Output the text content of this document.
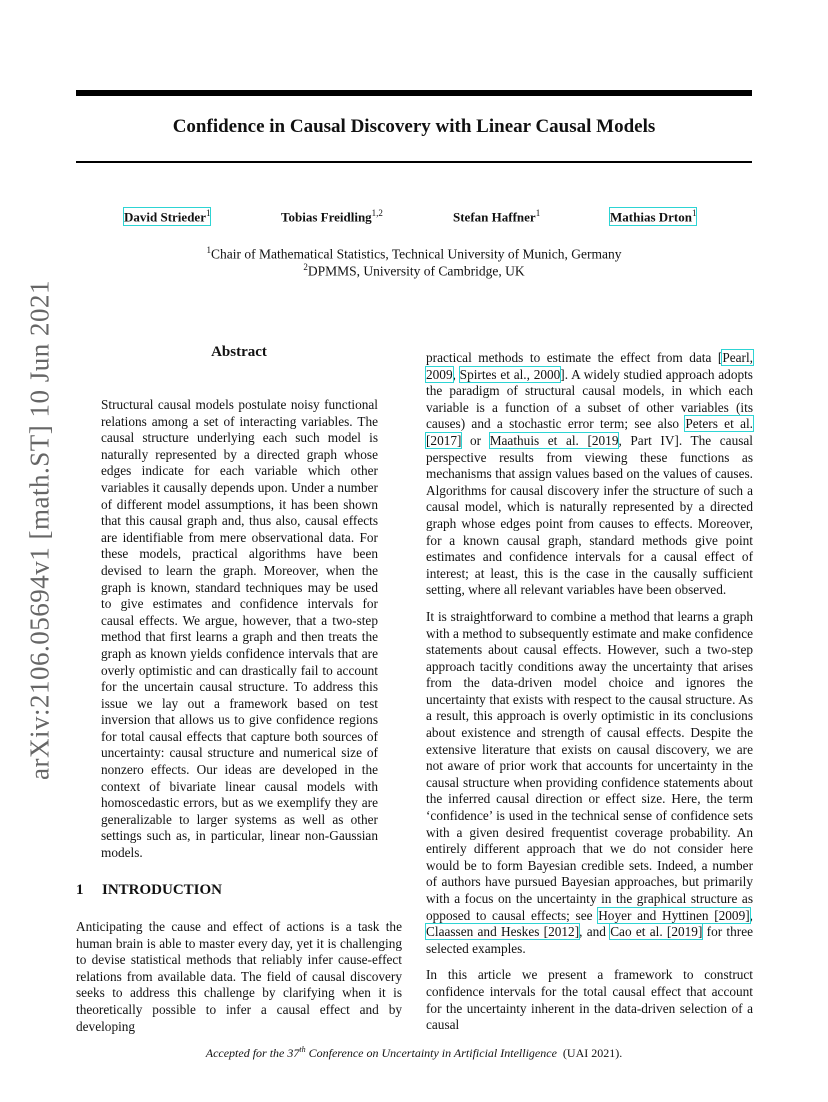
arXiv:2106.05694v1 [math.ST] 10 Jun 2021
Confidence in Causal Discovery with Linear Causal Models
David Strieder$^1$	Tobias Freidling$^{1,2}$	Stefan Haffner$^1$	Mathias Drton$^1$
$^1$Chair of Mathematical Statistics, Technical University of Munich, Germany
$^2$DPMMS, University of Cambridge, UK
Abstract

Structural causal models postulate noisy functional relations among a set of interacting variables. The causal structure underlying each such model is naturally represented by a directed graph whose edges indicate for each variable which other variables it causally depends upon. Under a number of different model assumptions, it has been shown that this causal graph and, thus also, causal effects are identifiable from mere observational data. For these models, practical algorithms have been devised to learn the graph. Moreover, when the graph is known, standard techniques may be used to give estimates and confidence intervals for causal effects. We argue, however, that a two-step method that first learns a graph and then treats the graph as known yields confidence intervals that are overly optimistic and can drastically fail to account for the uncertain causal structure. To address this issue we lay out a framework based on test inversion that allows us to give confidence regions for total causal effects that capture both sources of uncertainty: causal structure and numerical size of nonzero effects. Our ideas are developed in the context of bivariate linear causal models with homoscedastic errors, but as we exemplify they are generalizable to larger systems as well as other settings such as, in particular, linear non-Gaussian models.

1 INTRODUCTION

Anticipating the cause and effect of actions is a task the human brain is able to master every day, yet it is challenging to devise statistical methods that reliably infer cause-effect relations from available data. The field of causal discovery seeks to address this challenge by clarifying when it is theoretically possible to infer a causal effect and by developing

practical methods to estimate the effect from data [Pearl, 2009, Spirtes et al., 2000]. A widely studied approach adopts the paradigm of structural causal models, in which each variable is a function of a subset of other variables (its causes) and a stochastic error term; see also Peters et al. [2017] or Maathuis et al. [2019, Part IV]. The causal perspective results from viewing these functions as mechanisms that assign values based on the values of causes. Algorithms for causal discovery infer the structure of such a causal model, which is naturally represented by a directed graph whose edges point from causes to effects. Moreover, for a known causal graph, standard methods give point estimates and confidence intervals for a causal effect of interest; at least, this is the case in the causally sufficient setting, where all relevant variables have been observed.

It is straightforward to combine a method that learns a graph with a method to subsequently estimate and make confidence statements about causal effects. However, such a two-step approach tacitly conditions away the uncertainty that arises from the data-driven model choice and ignores the uncertainty that exists with respect to the causal structure. As a result, this approach is overly optimistic in its conclusions about existence and strength of causal effects. Despite the extensive literature that exists on causal discovery, we are not aware of prior work that accounts for uncertainty in the causal structure when providing confidence statements about the inferred causal direction or effect size. Here, the term ‘confidence’ is used in the technical sense of confidence sets with a given desired frequentist coverage probability. An entirely different approach that we do not consider here would be to form Bayesian credible sets. Indeed, a number of authors have pursued Bayesian approaches, but primarily with a focus on the uncertainty in the graphical structure as opposed to causal effects; see Hoyer and Hyttinen [2009], Claassen and Heskes [2012], and Cao et al. [2019] for three selected examples.

In this article we present a framework to construct confidence intervals for the total causal effect that account for the uncertainty inherent in the data-driven selection of a causal

Accepted for the 37th Conference on Uncertainty in Artificial Intelligence (UAI 2021).
